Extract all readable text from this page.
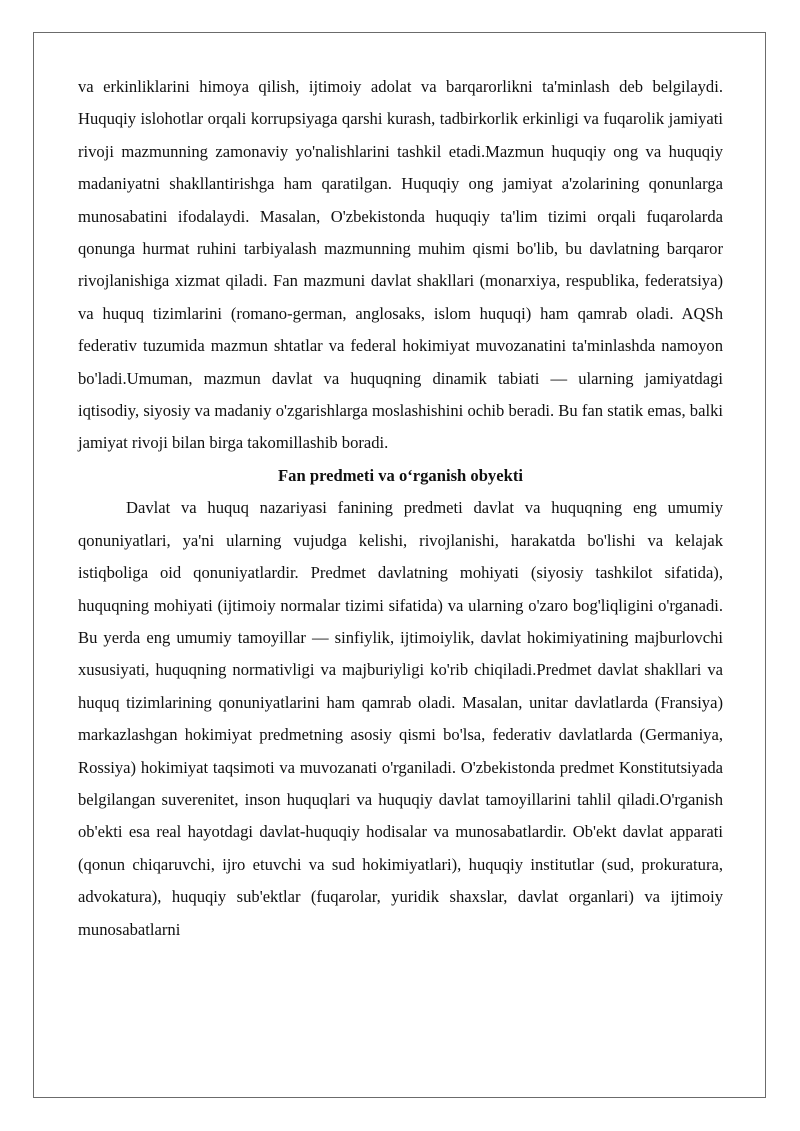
va erkinliklarini himoya qilish, ijtimoiy adolat va barqarorlikni ta'minlash deb belgilaydi. Huquqiy islohotlar orqali korrupsiyaga qarshi kurash, tadbirkorlik erkinligi va fuqarolik jamiyati rivoji mazmunning zamonaviy yo'nalishlarini tashkil etadi.Mazmun huquqiy ong va huquqiy madaniyatni shakllantirishga ham qaratilgan. Huquqiy ong jamiyat a'zolarining qonunlarga munosabatini ifodalaydi. Masalan, O'zbekistonda huquqiy ta'lim tizimi orqali fuqarolarda qonunga hurmat ruhini tarbiyalash mazmunning muhim qismi bo'lib, bu davlatning barqaror rivojlanishiga xizmat qiladi. Fan mazmuni davlat shakllari (monarxiya, respublika, federatsiya) va huquq tizimlarini (romano-german, anglosaks, islom huquqi) ham qamrab oladi. AQSh federativ tuzumida mazmun shtatlar va federal hokimiyat muvozanatini ta'minlashda namoyon bo'ladi.Umuman, mazmun davlat va huquqning dinamik tabiati — ularning jamiyatdagi iqtisodiy, siyosiy va madaniy o'zgarishlarga moslashishini ochib beradi. Bu fan statik emas, balki jamiyat rivoji bilan birga takomillashib boradi.

Fan predmeti va o‘rganish obyekti

Davlat va huquq nazariyasi fanining predmeti davlat va huquqning eng umumiy qonuniyatlari, ya'ni ularning vujudga kelishi, rivojlanishi, harakatda bo'lishi va kelajak istiqboliga oid qonuniyatlardir. Predmet davlatning mohiyati (siyosiy tashkilot sifatida), huquqning mohiyati (ijtimoiy normalar tizimi sifatida) va ularning o'zaro bog'liqligini o'rganadi. Bu yerda eng umumiy tamoyillar — sinfiylik, ijtimoiylik, davlat hokimiyatining majburlovchi xususiyati, huquqning normativligi va majburiyligi ko'rib chiqiladi.Predmet davlat shakllari va huquq tizimlarining qonuniyatlarini ham qamrab oladi. Masalan, unitar davlatlarda (Fransiya) markazlashgan hokimiyat predmetning asosiy qismi bo'lsa, federativ davlatlarda (Germaniya, Rossiya) hokimiyat taqsimoti va muvozanati o'rganiladi. O'zbekistonda predmet Konstitutsiyada belgilangan suverenitet, inson huquqlari va huquqiy davlat tamoyillarini tahlil qiladi.O'rganish ob'ekti esa real hayotdagi davlat-huquqiy hodisalar va munosabatlardir. Ob'ekt davlat apparati (qonun chiqaruvchi, ijro etuvchi va sud hokimiyatlari), huquqiy institutlar (sud, prokuratura, advokatura), huquqiy sub'ektlar (fuqarolar, yuridik shaxslar, davlat organlari) va ijtimoiy munosabatlarni
